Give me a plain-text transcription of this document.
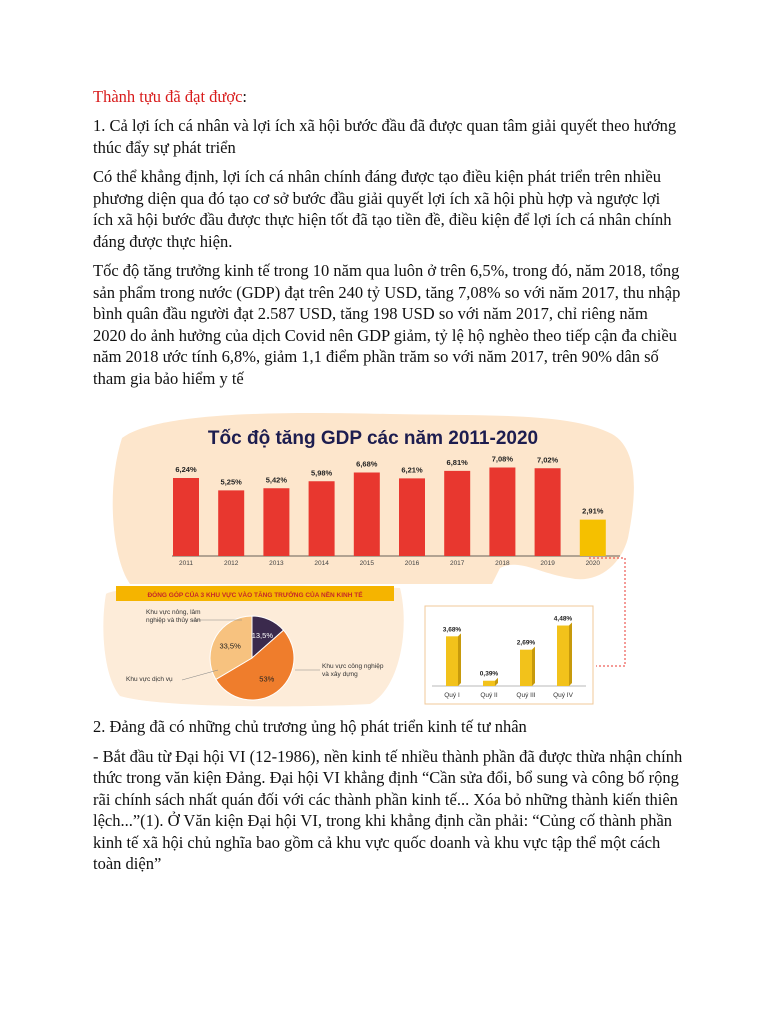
Thành tựu đã đạt được:

1. Cả lợi ích cá nhân và lợi ích xã hội bước đầu đã được quan tâm giải quyết theo hướng thúc đẩy sự phát triển

Có thể khẳng định, lợi ích cá nhân chính đáng được tạo điều kiện phát triển trên nhiều phương diện qua đó tạo cơ sở bước đầu giải quyết lợi ích xã hội phù hợp và ngược lợi ích xã hội bước đầu được thực hiện tốt đã tạo tiền đề, điều kiện để lợi ích cá nhân chính đáng được thực hiện.

Tốc độ tăng trưởng kinh tế trong 10 năm qua luôn ở trên 6,5%, trong đó, năm 2018, tổng sản phẩm trong nước (GDP) đạt trên 240 tỷ USD, tăng 7,08% so với năm 2017, thu nhập bình quân đầu người đạt 2.587 USD, tăng 198 USD so với năm 2017, chỉ riêng năm 2020 do ảnh hưởng của dịch Covid nên GDP giảm, tỷ lệ hộ nghèo theo tiếp cận đa chiều năm 2018 ước tính 6,8%, giảm 1,1 điểm phần trăm so với năm 2017, trên 90% dân số tham gia bảo hiểm y tế

Tốc độ tăng GDP các năm 2011-2020
6,24%
2011
5,25%
2012
5,42%
2013
5,98%
2014
6,68%
2015
6,21%
2016
6,81%
2017
7,08%
2018
7,02%
2019
2,91%
2020
ĐÓNG GÓP CỦA 3 KHU VỰC VÀO TĂNG TRƯỞNG CỦA NỀN KINH TẾ
13,5%
53%
33,5%
Khu vực nông, lâm nghiệp và thủy sản
Khu vực công nghiệp và xây dựng
Khu vực dịch vụ
3,68%
Quý I
0,39%
Quý II
2,69%
Quý III
4,48%
Quý IV

2. Đảng đã có những chủ trương ủng hộ phát triển kinh tế tư nhân

- Bắt đầu từ Đại hội VI (12-1986), nền kinh tế nhiều thành phần đã được thừa nhận chính thức trong văn kiện Đảng. Đại hội VI khẳng định “Cần sửa đổi, bổ sung và công bố rộng rãi chính sách nhất quán đối với các thành phần kinh tế... Xóa bỏ những thành kiến thiên lệch...”(1). Ở Văn kiện Đại hội VI, trong khi khẳng định cần phải: “Củng cố thành phần kinh tế xã hội chủ nghĩa bao gồm cả khu vực quốc doanh và khu vực tập thể một cách toàn diện”
